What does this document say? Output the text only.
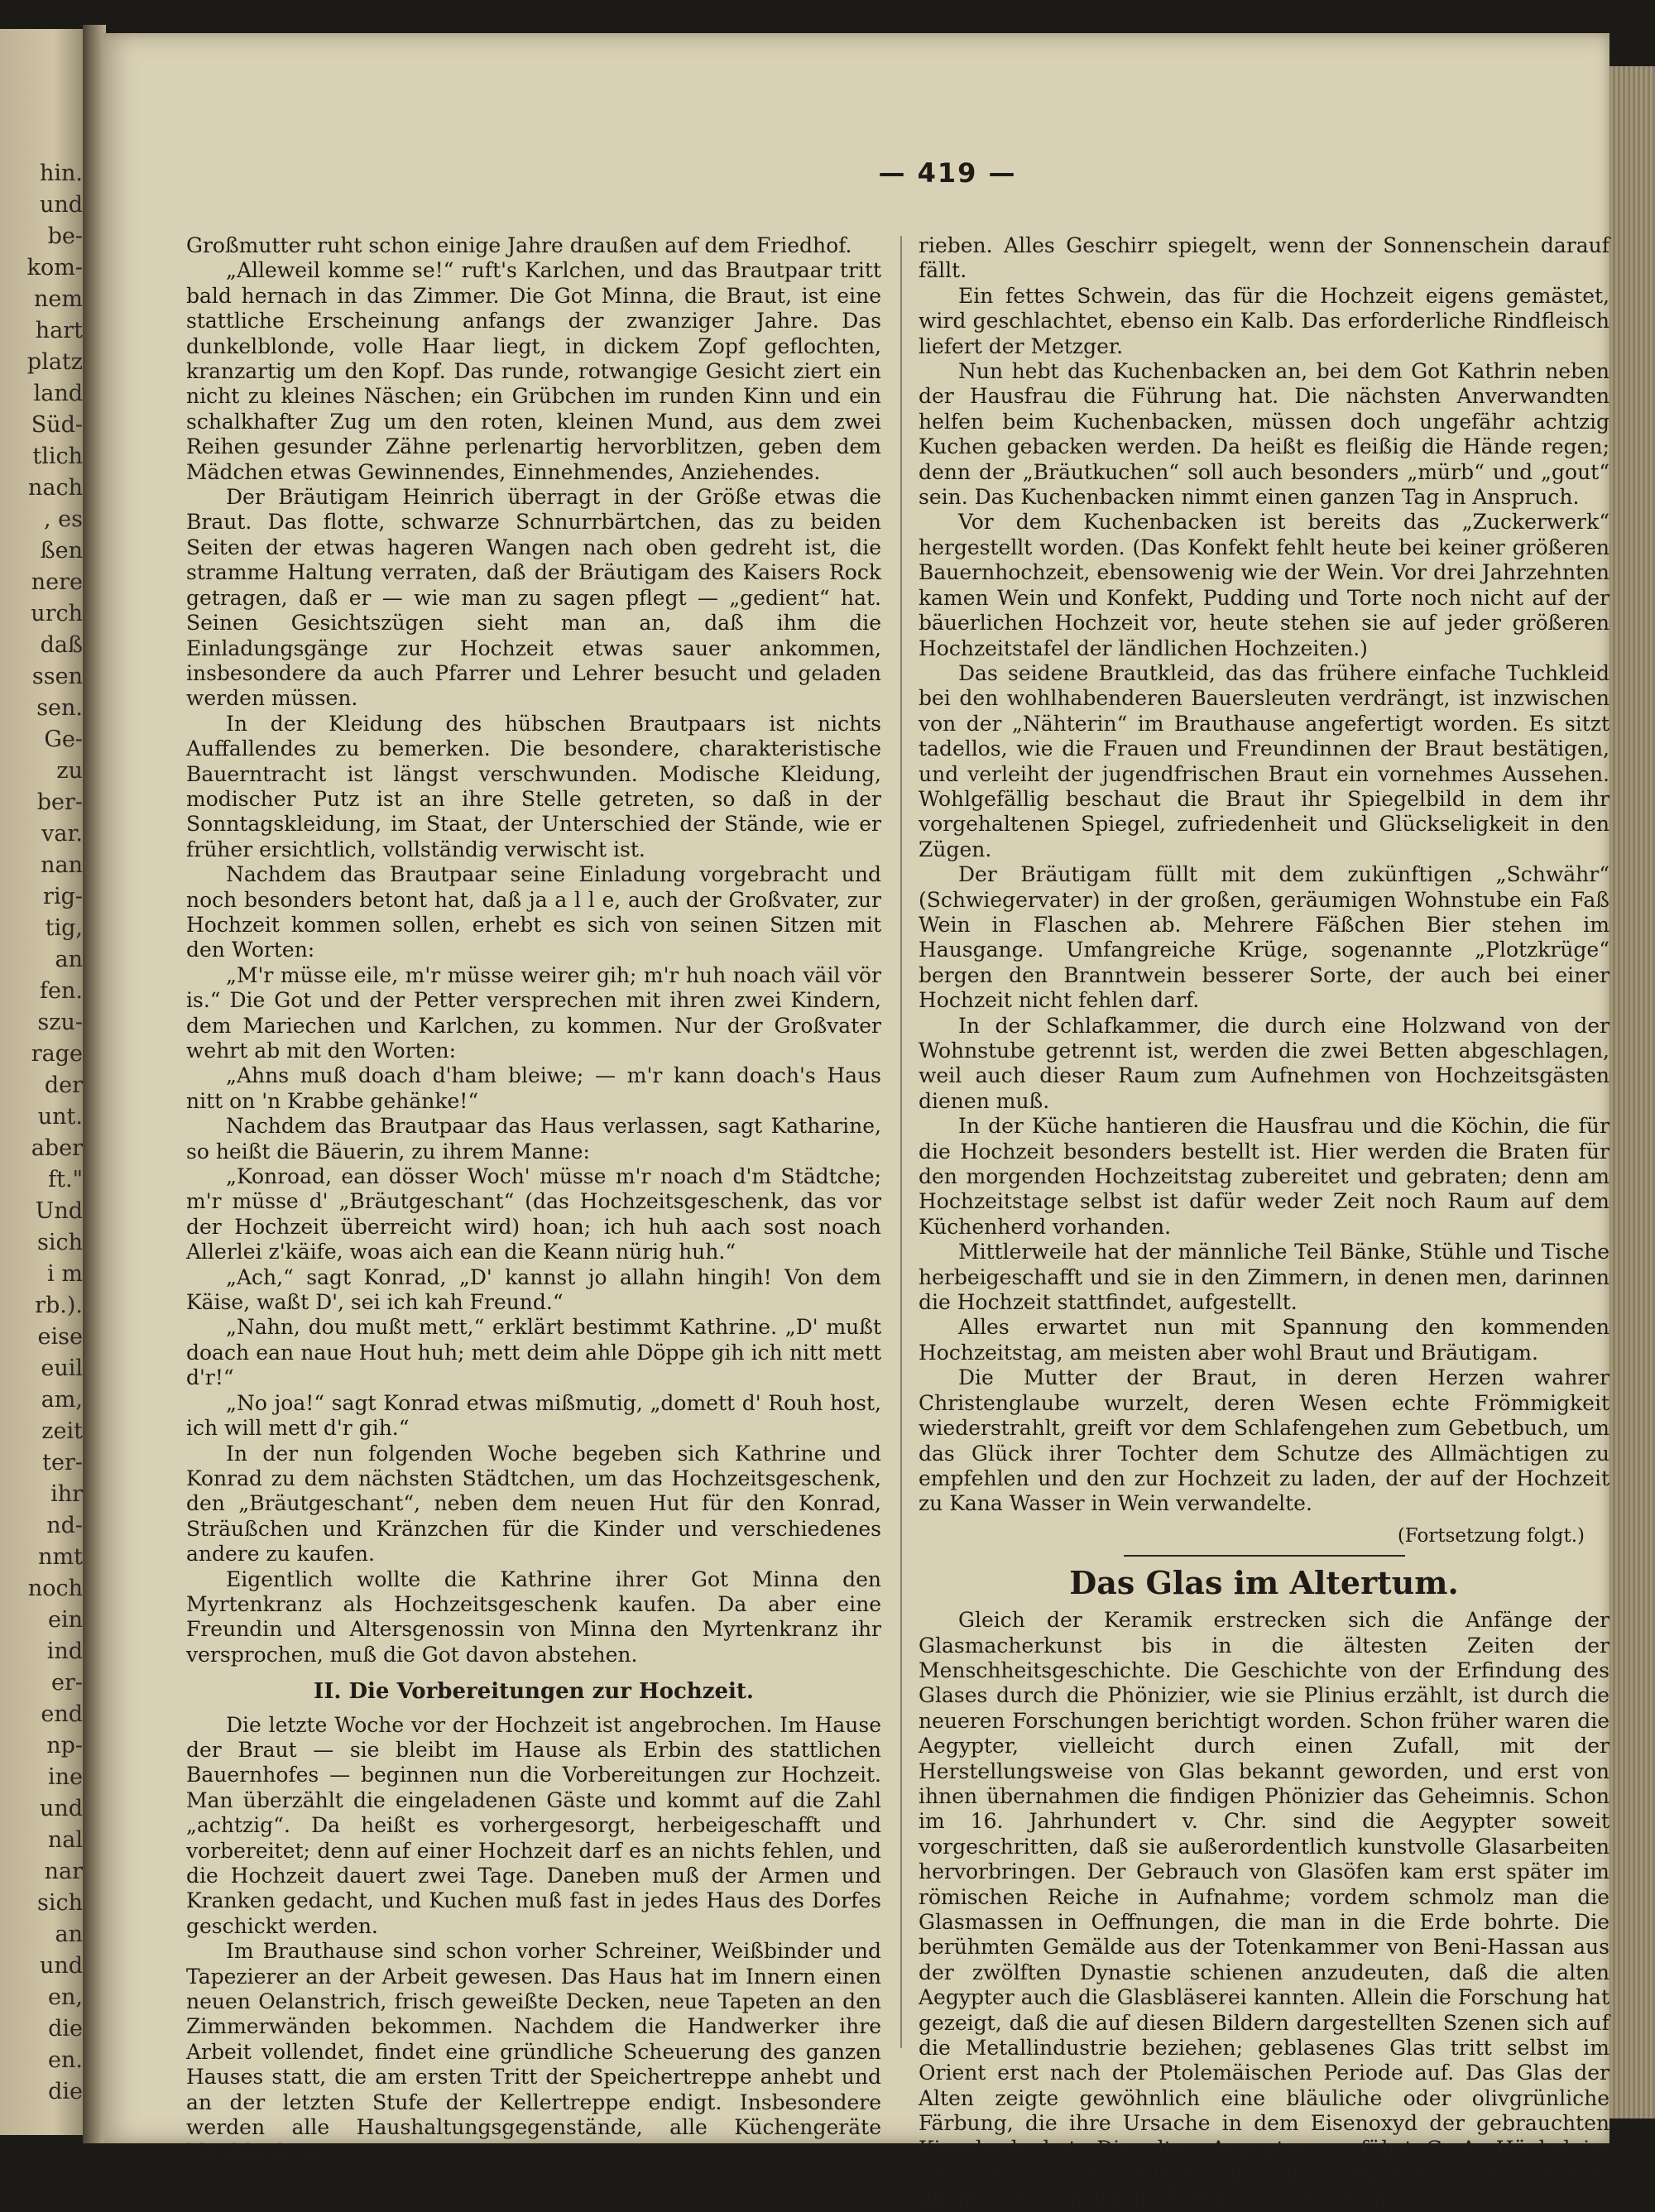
hin.
und
be-
kom-
nem
hart
platz
land
Süd-
tlich
nach
, es
ßen
nere
urch
daß
ssen
sen.
Ge-
zu
ber-
var.
nan
rig-
tig,
an
fen.
szu-
rage
der
unt.
aber
ft."
Und
sich
i m
rb.).
eise
euil
am,
zeit
ter-
ihr
nd-
nmt
noch
ein
ind
er-
end
np-
ine
und
nal
nar
sich
an
und
en,
die
en.
die
— 419 —

Großmutter ruht schon einige Jahre draußen auf dem Friedhof.

„Alleweil komme se!“ ruft's Karlchen, und das Brautpaar tritt bald hernach in das Zimmer. Die Got Minna, die Braut, ist eine stattliche Erscheinung anfangs der zwanziger Jahre. Das dunkelblonde, volle Haar liegt, in dickem Zopf geflochten, kranzartig um den Kopf. Das runde, rotwangige Gesicht ziert ein nicht zu kleines Näschen; ein Grübchen im runden Kinn und ein schalkhafter Zug um den roten, kleinen Mund, aus dem zwei Reihen gesunder Zähne perlenartig hervorblitzen, geben dem Mädchen etwas Gewinnendes, Einnehmendes, Anziehendes.

Der Bräutigam Heinrich überragt in der Größe etwas die Braut. Das flotte, schwarze Schnurrbärtchen, das zu beiden Seiten der etwas hageren Wangen nach oben gedreht ist, die stramme Haltung verraten, daß der Bräutigam des Kaisers Rock getragen, daß er — wie man zu sagen pflegt — „gedient“ hat. Seinen Gesichtszügen sieht man an, daß ihm die Einladungsgänge zur Hochzeit etwas sauer ankommen, insbesondere da auch Pfarrer und Lehrer besucht und geladen werden müssen.

In der Kleidung des hübschen Brautpaars ist nichts Auffallendes zu bemerken. Die besondere, charakteristische Bauerntracht ist längst verschwunden. Modische Kleidung, modischer Putz ist an ihre Stelle getreten, so daß in der Sonntagskleidung, im Staat, der Unterschied der Stände, wie er früher ersichtlich, vollständig verwischt ist.

Nachdem das Brautpaar seine Einladung vorgebracht und noch besonders betont hat, daß ja a l l e, auch der Großvater, zur Hochzeit kommen sollen, erhebt es sich von seinen Sitzen mit den Worten:

„M'r müsse eile, m'r müsse weirer gih; m'r huh noach väil vör is.“ Die Got und der Petter versprechen mit ihren zwei Kindern, dem Mariechen und Karlchen, zu kommen. Nur der Großvater wehrt ab mit den Worten:

„Ahns muß doach d'ham bleiwe; — m'r kann doach's Haus nitt on 'n Krabbe gehänke!“

Nachdem das Brautpaar das Haus verlassen, sagt Katharine, so heißt die Bäuerin, zu ihrem Manne:

„Konroad, ean dösser Woch' müsse m'r noach d'm Städtche; m'r müsse d' „Bräutgeschant“ (das Hochzeitsgeschenk, das vor der Hochzeit überreicht wird) hoan; ich huh aach sost noach Allerlei z'käife, woas aich ean die Keann nürig huh.“

„Ach,“ sagt Konrad, „D' kannst jo allahn hingih! Von dem Käise, waßt D', sei ich kah Freund.“

„Nahn, dou mußt mett,“ erklärt bestimmt Kathrine. „D' mußt doach ean naue Hout huh; mett deim ahle Döppe gih ich nitt mett d'r!“

„No joa!“ sagt Konrad etwas mißmutig, „domett d' Rouh host, ich will mett d'r gih.“

In der nun folgenden Woche begeben sich Kathrine und Konrad zu dem nächsten Städtchen, um das Hochzeitsgeschenk, den „Bräutgeschant“, neben dem neuen Hut für den Konrad, Sträußchen und Kränzchen für die Kinder und verschiedenes andere zu kaufen.

Eigentlich wollte die Kathrine ihrer Got Minna den Myrtenkranz als Hochzeitsgeschenk kaufen. Da aber eine Freundin und Altersgenossin von Minna den Myrtenkranz ihr versprochen, muß die Got davon abstehen.

II. Die Vorbereitungen zur Hochzeit.

Die letzte Woche vor der Hochzeit ist angebrochen. Im Hause der Braut — sie bleibt im Hause als Erbin des stattlichen Bauernhofes — beginnen nun die Vorbereitungen zur Hochzeit. Man überzählt die eingeladenen Gäste und kommt auf die Zahl „achtzig“. Da heißt es vorhergesorgt, herbeigeschafft und vorbereitet; denn auf einer Hochzeit darf es an nichts fehlen, und die Hochzeit dauert zwei Tage. Daneben muß der Armen und Kranken gedacht, und Kuchen muß fast in jedes Haus des Dorfes geschickt werden.

Im Brauthause sind schon vorher Schreiner, Weißbinder und Tapezierer an der Arbeit gewesen. Das Haus hat im Innern einen neuen Oelanstrich, frisch geweißte Decken, neue Tapeten an den Zimmerwänden bekommen. Nachdem die Handwerker ihre Arbeit vollendet, findet eine gründliche Scheuerung des ganzen Hauses statt, die am ersten Tritt der Speichertreppe anhebt und an der letzten Stufe der Kellertreppe endigt. Insbesondere werden alle Haushaltungsgegenstände, alle Küchengeräte blitzblank ge-

rieben. Alles Geschirr spiegelt, wenn der Sonnenschein darauf fällt.

Ein fettes Schwein, das für die Hochzeit eigens gemästet, wird geschlachtet, ebenso ein Kalb. Das erforderliche Rindfleisch liefert der Metzger.

Nun hebt das Kuchenbacken an, bei dem Got Kathrin neben der Hausfrau die Führung hat. Die nächsten Anverwandten helfen beim Kuchenbacken, müssen doch ungefähr achtzig Kuchen gebacken werden. Da heißt es fleißig die Hände regen; denn der „Bräutkuchen“ soll auch besonders „mürb“ und „gout“ sein. Das Kuchenbacken nimmt einen ganzen Tag in Anspruch.

Vor dem Kuchenbacken ist bereits das „Zuckerwerk“ hergestellt worden. (Das Konfekt fehlt heute bei keiner größeren Bauernhochzeit, ebensowenig wie der Wein. Vor drei Jahrzehnten kamen Wein und Konfekt, Pudding und Torte noch nicht auf der bäuerlichen Hochzeit vor, heute stehen sie auf jeder größeren Hochzeitstafel der ländlichen Hochzeiten.)

Das seidene Brautkleid, das das frühere einfache Tuchkleid bei den wohlhabenderen Bauersleuten verdrängt, ist inzwischen von der „Nähterin“ im Brauthause angefertigt worden. Es sitzt tadellos, wie die Frauen und Freundinnen der Braut bestätigen, und verleiht der jugendfrischen Braut ein vornehmes Aussehen. Wohlgefällig beschaut die Braut ihr Spiegelbild in dem ihr vorgehaltenen Spiegel, zufriedenheit und Glückseligkeit in den Zügen.

Der Bräutigam füllt mit dem zukünftigen „Schwähr“ (Schwiegervater) in der großen, geräumigen Wohnstube ein Faß Wein in Flaschen ab. Mehrere Fäßchen Bier stehen im Hausgange. Umfangreiche Krüge, sogenannte „Plotzkrüge“ bergen den Branntwein besserer Sorte, der auch bei einer Hochzeit nicht fehlen darf.

In der Schlafkammer, die durch eine Holzwand von der Wohnstube getrennt ist, werden die zwei Betten abgeschlagen, weil auch dieser Raum zum Aufnehmen von Hochzeitsgästen dienen muß.

In der Küche hantieren die Hausfrau und die Köchin, die für die Hochzeit besonders bestellt ist. Hier werden die Braten für den morgenden Hochzeitstag zubereitet und gebraten; denn am Hochzeitstage selbst ist dafür weder Zeit noch Raum auf dem Küchenherd vorhanden.

Mittlerweile hat der männliche Teil Bänke, Stühle und Tische herbeigeschafft und sie in den Zimmern, in denen men, darinnen die Hochzeit stattfindet, aufgestellt.

Alles erwartet nun mit Spannung den kommenden Hochzeitstag, am meisten aber wohl Braut und Bräutigam.

Die Mutter der Braut, in deren Herzen wahrer Christenglaube wurzelt, deren Wesen echte Frömmigkeit wiederstrahlt, greift vor dem Schlafengehen zum Gebetbuch, um das Glück ihrer Tochter dem Schutze des Allmächtigen zu empfehlen und den zur Hochzeit zu laden, der auf der Hochzeit zu Kana Wasser in Wein verwandelte.

(Fortsetzung folgt.)
Das Glas im Altertum.

Gleich der Keramik erstrecken sich die Anfänge der Glasmacherkunst bis in die ältesten Zeiten der Menschheitsgeschichte. Die Geschichte von der Erfindung des Glases durch die Phönizier, wie sie Plinius erzählt, ist durch die neueren Forschungen berichtigt worden. Schon früher waren die Aegypter, vielleicht durch einen Zufall, mit der Herstellungsweise von Glas bekannt geworden, und erst von ihnen übernahmen die findigen Phönizier das Geheimnis. Schon im 16. Jahrhundert v. Chr. sind die Aegypter soweit vorgeschritten, daß sie außerordentlich kunstvolle Glasarbeiten hervorbringen. Der Gebrauch von Glasöfen kam erst später im römischen Reiche in Aufnahme; vordem schmolz man die Glasmassen in Oeffnungen, die man in die Erde bohrte. Die berühmten Gemälde aus der Totenkammer von Beni-Hassan aus der zwölften Dynastie schienen anzudeuten, daß die alten Aegypter auch die Glasbläserei kannten. Allein die Forschung hat gezeigt, daß die auf diesen Bildern dargestellten Szenen sich auf die Metallindustrie beziehen; geblasenes Glas tritt selbst im Orient erst nach der Ptolemäischen Periode auf. Das Glas der Alten zeigte gewöhnlich eine bläuliche oder olivgrünliche Färbung, die ihre Ursache in dem Eisenoxyd der gebrauchten Kieselerde hat. Die alten Aegypter, so führt G. A. Hückel im Anschluß an Anton Kisas neue Forschungen in La Nature aus, pflegten die künstliche Färbung, die bis zum
